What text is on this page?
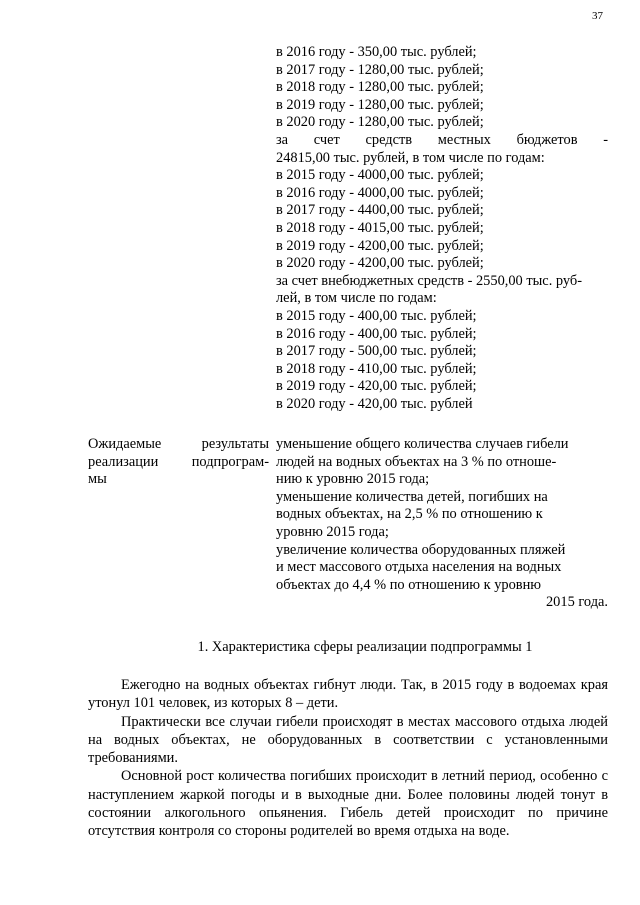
37
в 2016 году - 350,00 тыс. рублей;
в 2017 году - 1280,00 тыс. рублей;
в 2018 году - 1280,00 тыс. рублей;
в 2019 году - 1280,00 тыс. рублей;
в 2020 году - 1280,00 тыс. рублей;
за счет средств местных бюджетов -
24815,00 тыс. рублей, в том числе по годам:
в 2015 году - 4000,00 тыс. рублей;
в 2016 году - 4000,00 тыс. рублей;
в 2017 году - 4400,00 тыс. рублей;
в 2018 году - 4015,00 тыс. рублей;
в 2019 году - 4200,00 тыс. рублей;
в 2020 году - 4200,00 тыс. рублей;
за счет внебюджетных средств - 2550,00 тыс. руб-
лей, в том числе по годам:
в 2015 году - 400,00 тыс. рублей;
в 2016 году - 400,00 тыс. рублей;
в 2017 году - 500,00 тыс. рублей;
в 2018 году - 410,00 тыс. рублей;
в 2019 году - 420,00 тыс. рублей;
в 2020 году - 420,00 тыс. рублей
Ожидаемые	результаты
реализации подпрограм-
мы
уменьшение общего количества случаев гибели
людей на водных объектах на 3 % по отноше-
нию к уровню 2015 года;
уменьшение количества детей, погибших на
водных объектах, на 2,5 % по отношению к
уровню 2015 года;
увеличение количества оборудованных пляжей
и мест массового отдыха населения на водных
объектах до 4,4 % по отношению к уровню
2015 года.
1. Характеристика сферы реализации подпрограммы 1

Ежегодно на водных объектах гибнут люди. Так, в 2015 году в водоемах края утонул 101 человек, из которых 8 – дети.

Практически все случаи гибели происходят в местах массового отдыха людей на водных объектах, не оборудованных в соответствии с установленными требованиями.

Основной рост количества погибших происходит в летний период, особенно с наступлением жаркой погоды и в выходные дни. Более половины людей тонут в состоянии алкогольного опьянения. Гибель детей происходит по причине отсутствия контроля со стороны родителей во время отдыха на воде.
